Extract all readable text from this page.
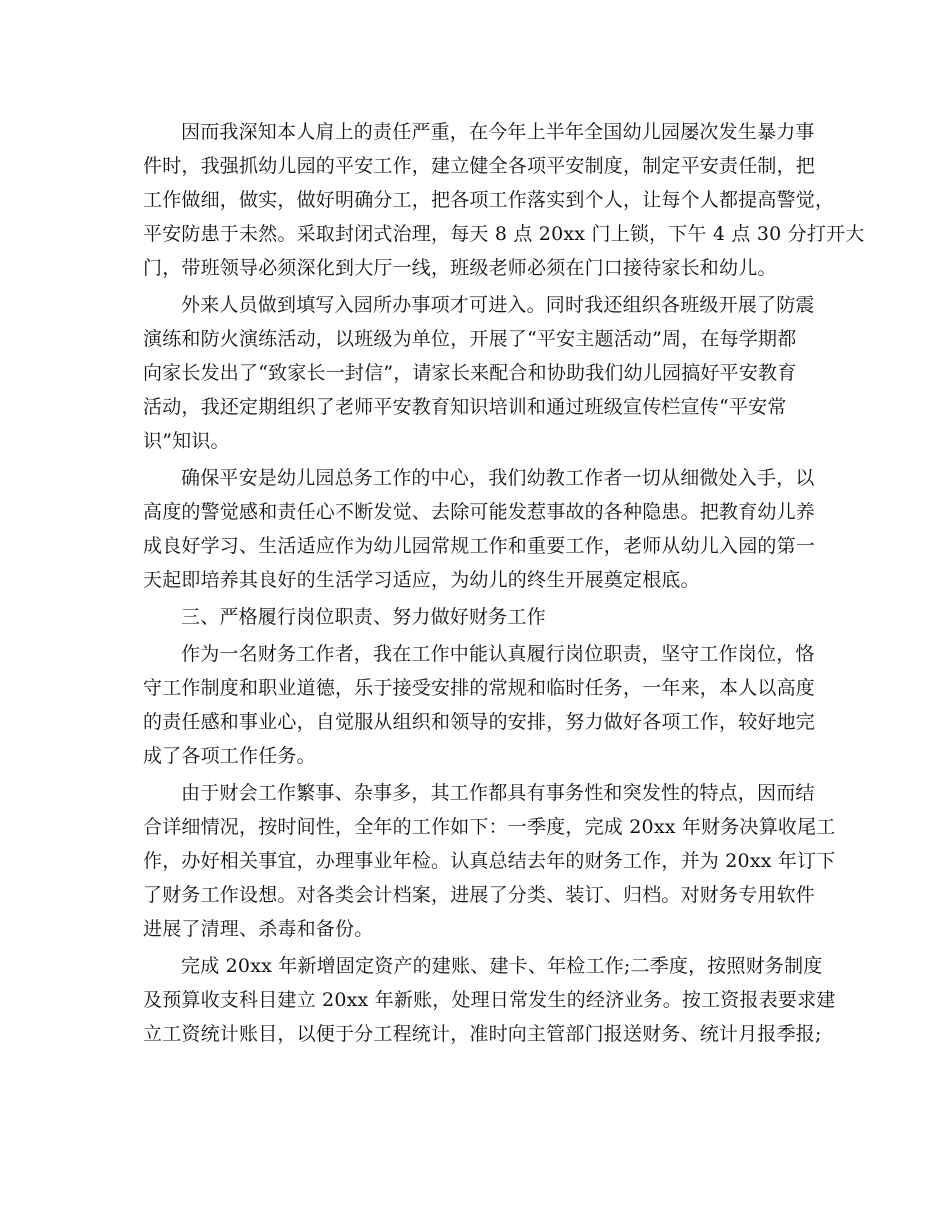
因而我深知本人肩上的责任严重，在今年上半年全国幼儿园屡次发生暴力事
件时，我强抓幼儿园的平安工作，建立健全各项平安制度，制定平安责任制，把
工作做细，做实，做好明确分工，把各项工作落实到个人，让每个人都提高警觉，
平安防患于未然。采取封闭式治理，每天 8 点 20xx 门上锁，下午 4 点 30 分打开大
门，带班领导必须深化到大厅一线，班级老师必须在门口接待家长和幼儿。
外来人员做到填写入园所办事项才可进入。同时我还组织各班级开展了防震
演练和防火演练活动，以班级为单位，开展了“平安主题活动”周，在每学期都
向家长发出了“致家长一封信”，请家长来配合和协助我们幼儿园搞好平安教育
活动，我还定期组织了老师平安教育知识培训和通过班级宣传栏宣传“平安常
识”知识。
确保平安是幼儿园总务工作的中心，我们幼教工作者一切从细微处入手，以
高度的警觉感和责任心不断发觉、去除可能发惹事故的各种隐患。把教育幼儿养
成良好学习、生活适应作为幼儿园常规工作和重要工作，老师从幼儿入园的第一
天起即培养其良好的生活学习适应，为幼儿的终生开展奠定根底。
三、严格履行岗位职责、努力做好财务工作
作为一名财务工作者，我在工作中能认真履行岗位职责，坚守工作岗位，恪
守工作制度和职业道德，乐于接受安排的常规和临时任务，一年来，本人以高度
的责任感和事业心，自觉服从组织和领导的安排，努力做好各项工作，较好地完
成了各项工作任务。
由于财会工作繁事、杂事多，其工作都具有事务性和突发性的特点，因而结
合详细情况，按时间性，全年的工作如下：一季度，完成 20xx 年财务决算收尾工
作，办好相关事宜，办理事业年检。认真总结去年的财务工作，并为 20xx 年订下
了财务工作设想。对各类会计档案，进展了分类、装订、归档。对财务专用软件
进展了清理、杀毒和备份。
完成 20xx 年新增固定资产的建账、建卡、年检工作;二季度，按照财务制度
及预算收支科目建立 20xx 年新账，处理日常发生的经济业务。按工资报表要求建
立工资统计账目，以便于分工程统计，准时向主管部门报送财务、统计月报季报;
